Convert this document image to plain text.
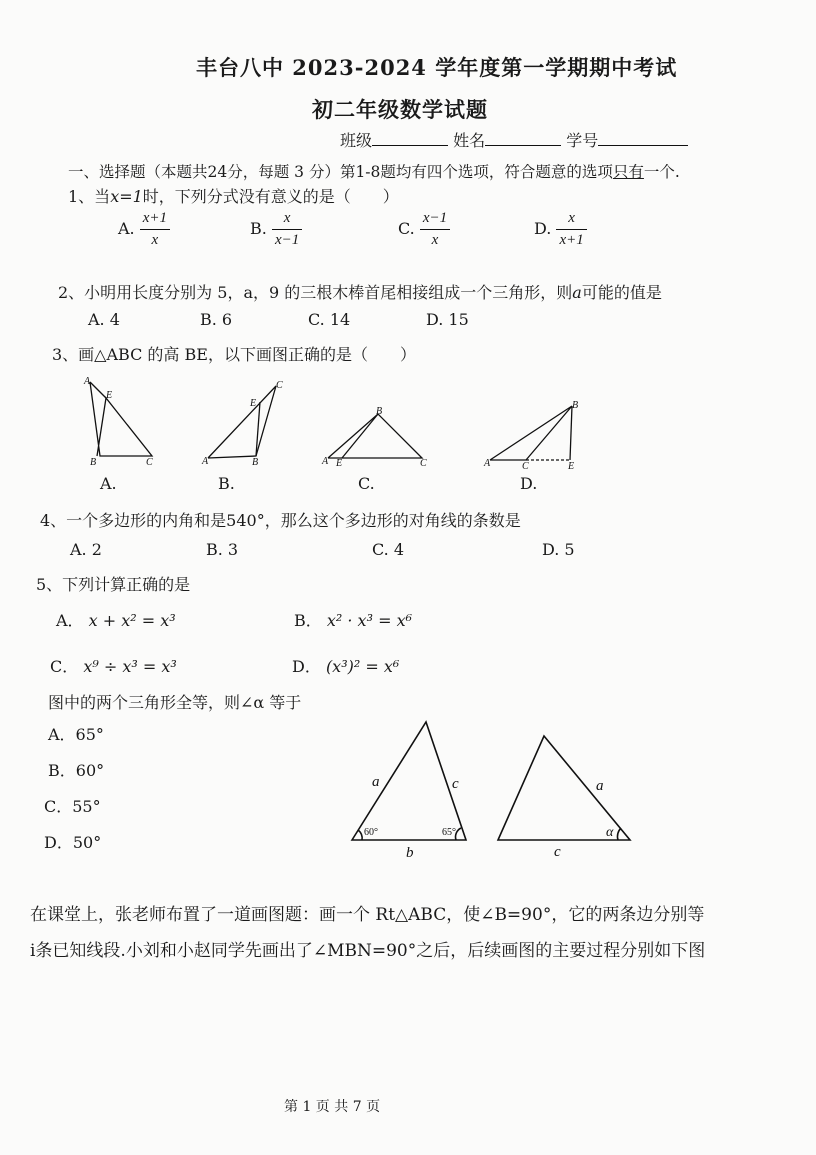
丰台八中 2023-2024 学年度第一学期期中考试
初二年级数学试题
班级	姓名	学号
一、选择题（本题共24分，每题 3 分）第1-8题均有四个选项，符合题意的选项只有一个.
1、当x=1时，下列分式没有意义的是（　　）
A. $\frac{x+1}{x}$	B. $\frac{x}{x-1}$	C. $\frac{x-1}{x}$	D. $\frac{x}{x+1}$
2、小明用长度分别为 5，a，9 的三根木棒首尾相接组成一个三角形，则a可能的值是
A. 4	B. 6	C. 14	D. 15
3、画△ABC 的高 BE，以下画图正确的是（　　）
A
E
B	C	A
E
B
C
A E
B
C	A	C	E
B
A.	B.	C.	D.
4、一个多边形的内角和是540°，那么这个多边形的对角线的条数是
A. 2	B. 3	C. 4	D. 5
5、下列计算正确的是
A． x + x² = x³	B． x² · x³ = x⁶
C． x⁹ ÷ x³ = x³	D． (x³)² = x⁶
图中的两个三角形全等，则∠α 等于
A．65°
B．60°
C．55°
D．50°
a	c
b
60°	65°
a
c
α
在课堂上，张老师布置了一道画图题：画一个 Rt△ABC，使∠B=90°，它的两条边分别等
i条已知线段.小刘和小赵同学先画出了∠MBN=90°之后，后续画图的主要过程分别如下图
第 1 页 共 7 页
